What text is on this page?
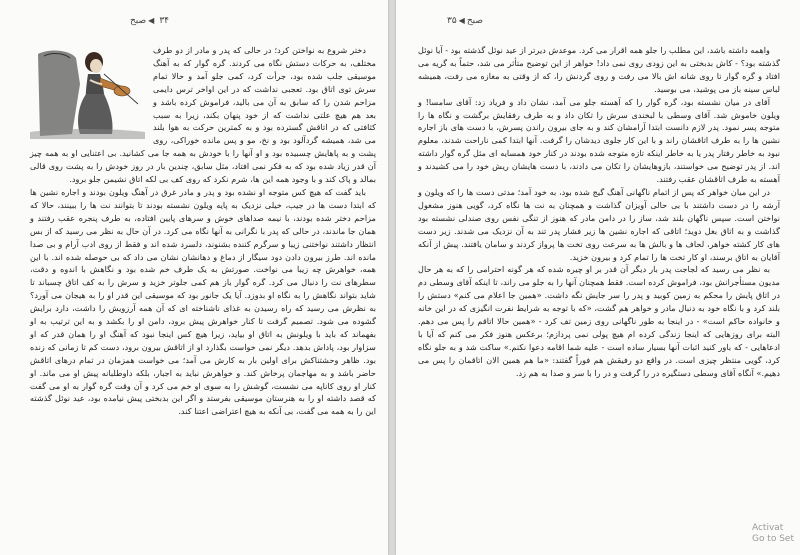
۳۴◀صبح

دختر شروع به نواختن کرد؛ در حالی که پدر و مادر از دو طرف مختلف، به حرکات دستش نگاه می کردند. گره گوار که به آهنگ موسیقی جلب شده بود، جرأت کرد، کمی جلو آمد و حالا تمام سرش توی اتاق بود. تعجبی نداشت که در این اواخر ترس دایمی مزاحم شدن را که سابق به آن می بالید، فراموش کرده باشد و بعد هم هیچ علتی نداشت که از خود پنهان بکند، زیرا به سبب کثافتی که در اتاقش گسترده بود و به کمترین حرکت به هوا بلند می شد، همیشه گردآلود بود و نخ، مو و پس مانده خوراکی، روی پشت و به پاهایش چسبیده بود و او آنها را با خودش به همه جا می کشانید. بی اعتنایی او به همه چیز آن قدر زیاد شده بود که به فکر نمی افتاد، مثل سابق، چندین بار در روز خودش را به پشت روی قالی بمالد و پاک کند و با وجود همه این ها، شرم نکرد که روی کف بی لکه اتاق نشیمن جلو برود.

باید گفت که هیچ کس متوجه او نشده بود و پدر و مادر غرق در آهنگ ویلون بودند و اجاره نشین ها که ابتدا دست ها در جیب، خیلی نزدیک به پایه ویلون نشسته بودند تا بتوانند نت ها را ببینند، حالا که مزاحم دختر شده بودند، با نیمه صداهای خوش و سرهای پایین افتاده، به طرف پنجره عقب رفتند و همان جا ماندند، در حالی که پدر با نگرانی به آنها نگاه می کرد. در آن حال به نظر می رسید که از بس انتظار داشتند نواختنی زیبا و سرگرم کننده بشنوند، دلسرد شده اند و فقط از روی ادب آرام و بی صدا مانده اند. طرز بیرون دادن دود سیگار از دماغ و دهانشان نشان می داد که بی حوصله شده اند. با این همه، خواهرش چه زیبا می نواخت. صورتش به یک طرف خم شده بود و نگاهش با اندوه و دقت، سطرهای نت را دنبال می کرد. گره گوار باز هم کمی جلوتر خزید و سرش را به کف اتاق چسباند تا شاید بتواند نگاهش را به نگاه او بدوزد. آیا یک جانور بود که موسیقی این قدر او را به هیجان می آورد؟ به نظرش می رسید که راه رسیدن به غذای ناشناخته ای که آن همه آرزویش را داشت، دارد برایش گشوده می شود. تصمیم گرفت تا کنار خواهرش پیش برود، دامن او را بکشد و به این ترتیب به او بفهماند که باید با ویلونش به اتاق او بیاید، زیرا هیچ کس اینجا نبود که آهنگ او را همان قدر که او سزاوار بود، پاداش بدهد. دیگر نمی خواست بگذارد او از اتاقش بیرون برود، دست کم تا زمانی که زنده بود. ظاهر وحشتناکش برای اولین بار به کارش می آمد؛ می خواست همزمان در تمام درهای اتاقش حاضر باشد و به مهاجمان پرخاش کند. و خواهرش نباید به اجبار، بلکه داوطلبانه پیش او می ماند. او کنار او روی کاناپه می نشست، گوشش را به سوی او خم می کرد و آن وقت گره گوار به او می گفت که قصد داشته او را به هنرستان موسیقی بفرستد و اگر این بدبختی پیش نیامده بود، عید نوئل گذشته این را به همه می گفت، بی آنکه به هیچ اعتراضی اعتنا کند.

صبح◀۳۵

واهمه داشته باشد، این مطلب را جلو همه اقرار می کرد. موعدش دیرتر از عید نوئل گذشته بود - آیا نوئل گذشته بود؟ - کاش بدبختی به این زودی روی نمی داد! خواهر از این توضیح متأثر می شد، حتماً به گریه می افتاد و گره گوار تا روی شانه اش بالا می رفت و روی گردنش را، که از وقتی به مغازه می رفت، همیشه لباس سینه باز می پوشید، می بوسید.

آقای در میان نشسته بود، گره گوار را که آهسته جلو می آمد، نشان داد و فریاد زد: آقای سامسا! و ویلون خاموش شد. آقای وسطی با لبخندی سرش را تکان داد و به طرف رفقایش برگشت و نگاه ها را متوجه پسر نمود. پدر لازم دانست ابتدا آرامشان کند و به جای بیرون راندن پسرش، با دست های باز اجاره نشین ها را به طرف اتاقشان راند و با این کار جلوی دیدشان را گرفت. آنها ابتدا کمی ناراحت شدند، معلوم نبود به خاطر رفتار پدر یا به خاطر اینکه تازه متوجه شده بودند در کنار خود همسایه ای مثل گره گوار داشته اند. از پدر توضیح می خواستند، بازوهایشان را تکان می دادند، با دست هایشان ریش خود را می کشیدند و آهسته به طرف اتاقشان عقب رفتند.

در این میان خواهر که پس از اتمام ناگهانی آهنگ گیج شده بود، به خود آمد؛ مدتی دست ها را که ویلون و آرشه را در دست داشتند با بی حالی آویزان گذاشت و همچنان به نت ها نگاه کرد، گویی هنوز مشغول نواختن است. سپس ناگهان بلند شد، ساز را در دامن مادر که هنوز از تنگی نفس روی صندلی نشسته بود گذاشت و به اتاق بغل دوید؛ اتاقی که اجاره نشین ها زیر فشار پدر تند به آن نزدیک می شدند. زیر دست های کار کشته خواهر، لحاف ها و بالش ها به سرعت روی تخت ها پرواز کردند و سامان یافتند. پیش از آنکه آقایان به اتاق برسند، او کار تخت ها را تمام کرد و بیرون خزید.

به نظر می رسید که لجاجت پدر بار دیگر آن قدر بر او چیره شده که هر گونه احترامی را که به هر حال مدیون مستأجرانش بود، فراموش کرده است. فقط همچنان آنها را به جلو می راند، تا اینکه آقای وسطی دم در اتاق پایش را محکم به زمین کوبید و پدر را سر جایش نگه داشت. «همین جا اعلام می کنم» دستش را بلند کرد و با نگاه خود به دنبال مادر و خواهر هم گشت، «که با توجه به شرایط نفرت انگیزی که در این خانه و خانواده حاکم است» - در اینجا به طور ناگهانی روی زمین تف کرد - «همین حالا اتاقم را پس می دهم. البته برای روزهایی که اینجا زندگی کرده ام هیچ پولی نمی پردازم؛ برعکس هنوز فکر می کنم که آیا با ادعاهایی - که باور کنید اثبات آنها بسیار ساده است - علیه شما اقامه دعوا نکنم.» ساکت شد و به جلو نگاه کرد، گویی منتظر چیزی است. در واقع دو رفیقش هم فوراً گفتند: «ما هم همین الان اتاقمان را پس می دهیم.» آنگاه آقای وسطی دستگیره در را گرفت و در را با سر و صدا به هم زد.

Activat
Go to Set
